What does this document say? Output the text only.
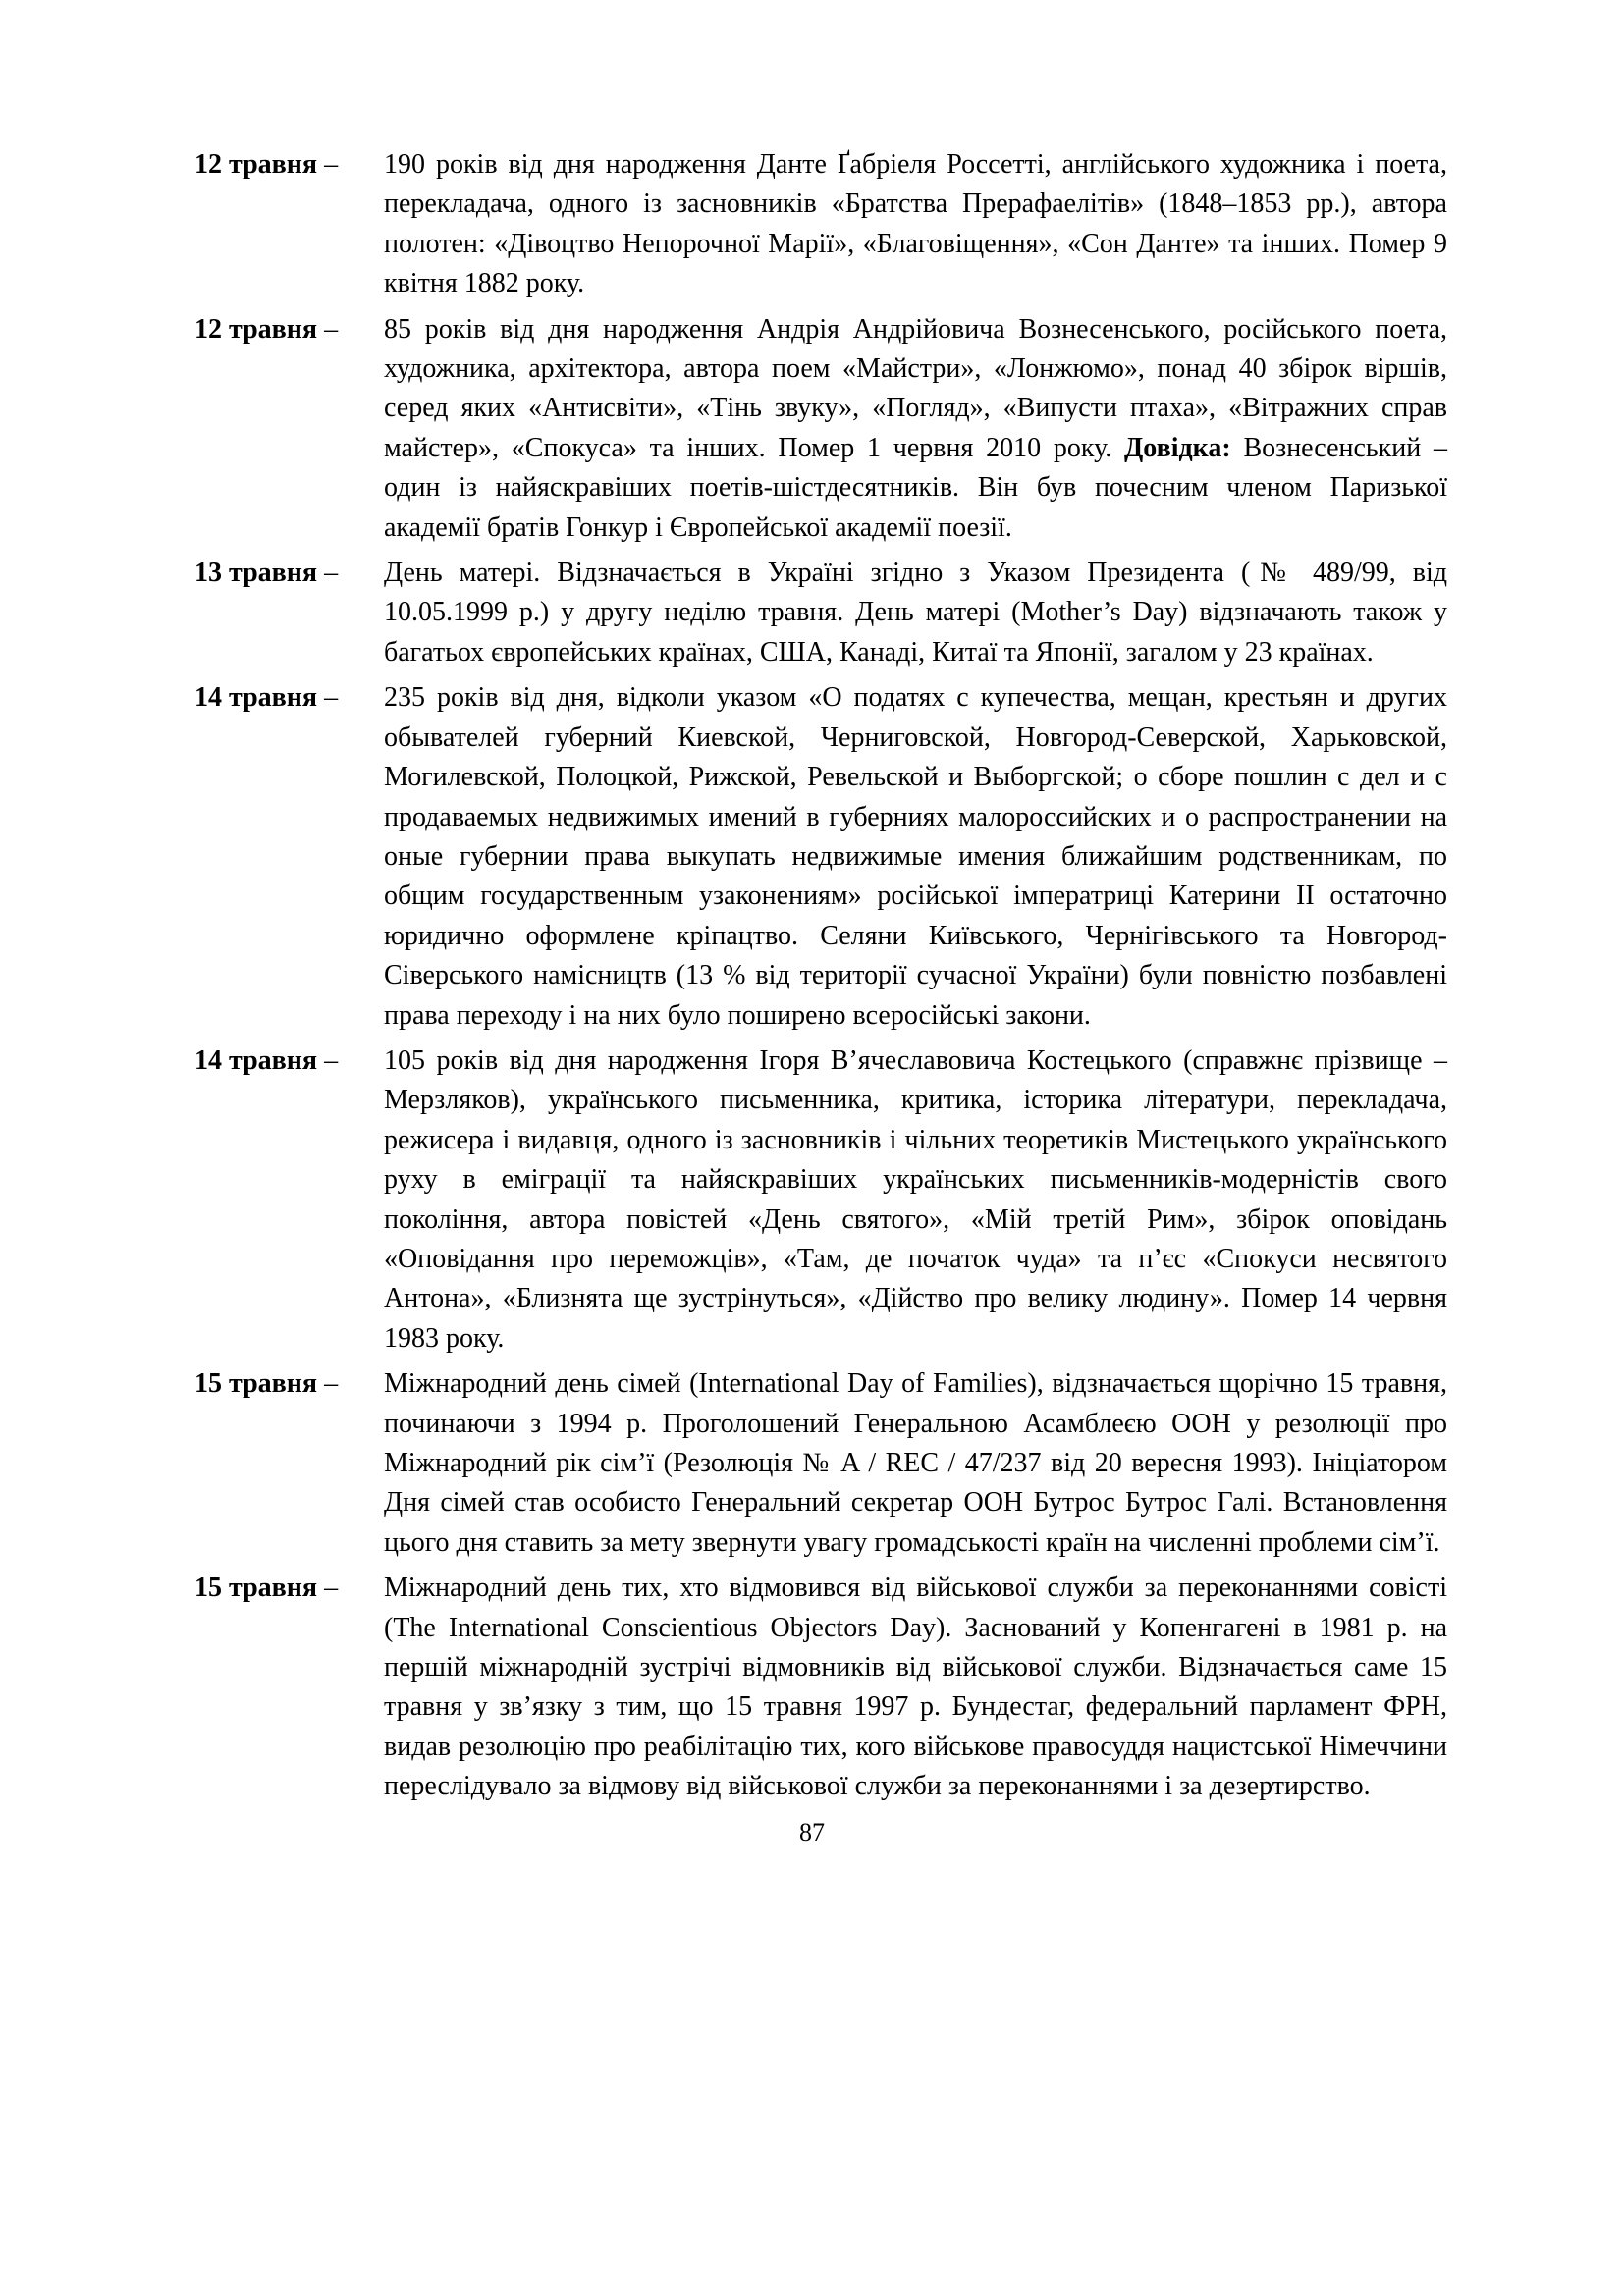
12 травня – 190 років від дня народження Данте Ґабріеля Россетті, англійського художника і поета, перекладача, одного із засновників «Братства Прерафаелітів» (1848–1853 рр.), автора полотен: «Дівоцтво Непорочної Марії», «Благовіщення», «Сон Данте» та інших. Помер 9 квітня 1882 року.
12 травня – 85 років від дня народження Андрія Андрійовича Вознесенського, російського поета, художника, архітектора, автора поем «Майстри», «Лонжюмо», понад 40 збірок віршів, серед яких «Антисвіти», «Тінь звуку», «Погляд», «Випусти птаха», «Вітражних справ майстер», «Спокуса» та інших. Помер 1 червня 2010 року. Довідка: Вознесенський – один із найяскравіших поетів-шістдесятників. Він був почесним членом Паризької академії братів Гонкур і Європейської академії поезії.
13 травня – День матері. Відзначається в Україні згідно з Указом Президента (№ 489/99, від 10.05.1999 р.) у другу неділю травня. День матері (Mother’s Day) відзначають також у багатьох європейських країнах, США, Канаді, Китаї та Японії, загалом у 23 країнах.
14 травня – 235 років від дня, відколи указом «О податях с купечества, мещан, крестьян и других обывателей губерний Киевской, Черниговской, Новгород-Северской, Харьковской, Могилевской, Полоцкой, Рижской, Ревельской и Выборгской; о сборе пошлин с дел и с продаваемых недвижимых имений в губерниях малороссийских и о распространении на оные губернии права выкупать недвижимые имения ближайшим родственникам, по общим государственным узаконениям» російської імператриці Катерини ІІ остаточно юридично оформлене кріпацтво. Селяни Київського, Чернігівського та Новгород-Сіверського намісництв (13 % від території сучасної України) були повністю позбавлені права переходу і на них було поширено всеросійські закони.
14 травня – 105 років від дня народження Ігоря В’ячеславовича Костецького (справжнє прізвище – Мерзляков), українського письменника, критика, історика літератури, перекладача, режисера і видавця, одного із засновників і чільних теоретиків Мистецького українського руху в еміграції та найяскравіших українських письменників-модерністів свого покоління, автора повістей «День святого», «Мій третій Рим», збірок оповідань «Оповідання про переможців», «Там, де початок чуда» та п’єс «Спокуси несвятого Антона», «Близнята ще зустрінуться», «Дійство про велику людину». Помер 14 червня 1983 року.
15 травня – Міжнародний день сімей (International Day of Families), відзначається щорічно 15 травня, починаючи з 1994 р. Проголошений Генеральною Асамблеєю ООН у резолюції про Міжнародний рік сім’ї (Резолюція № A / REC / 47/237 від 20 вересня 1993). Ініціатором Дня сімей став особисто Генеральний секретар ООН Бутрос Бутрос Галі. Встановлення цього дня ставить за мету звернути увагу громадськості країн на численні проблеми сім’ї.
15 травня – Міжнародний день тих, хто відмовився від військової служби за переконаннями совісті (The International Conscientious Objectors Day). Заснований у Копенгагені в 1981 р. на першій міжнародній зустрічі відмовників від військової служби. Відзначається саме 15 травня у зв’язку з тим, що 15 травня 1997 р. Бундестаг, федеральний парламент ФРН, видав резолюцію про реабілітацію тих, кого військове правосуддя нацистської Німеччини переслідувало за відмову від військової служби за переконаннями і за дезертирство.
87
